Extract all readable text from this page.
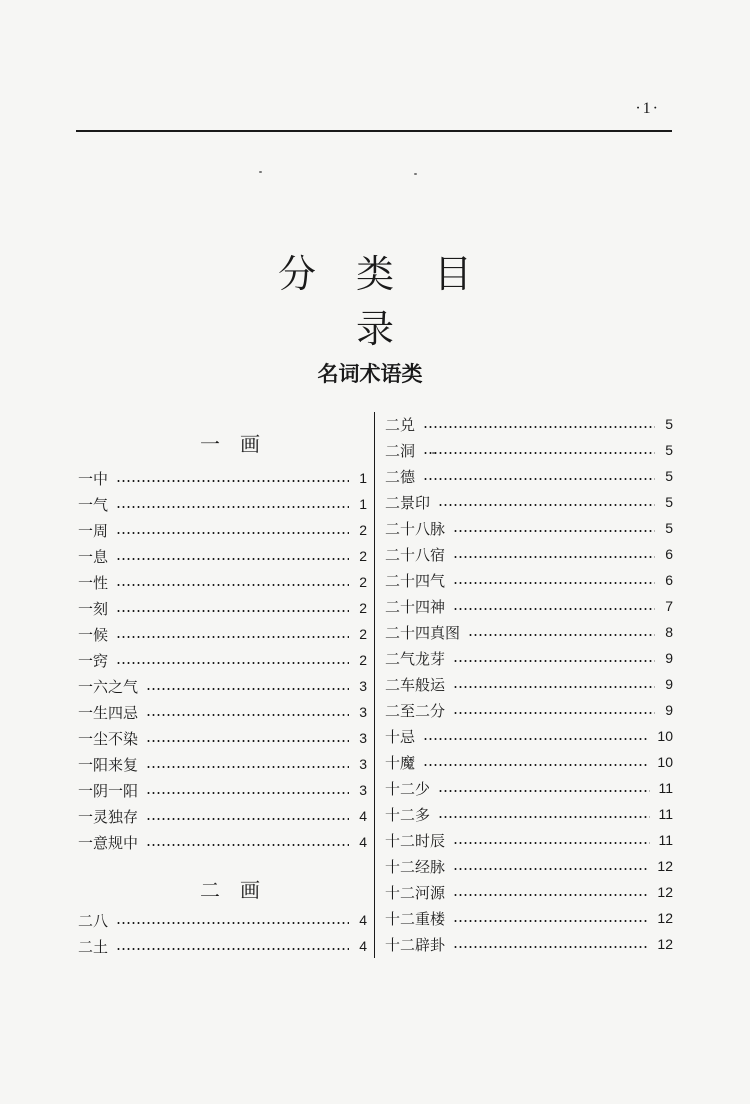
·1·
分类目录
名词术语类
一画
二画
一中	1
一气	1
一周	2
一息	2
一性	2
一刻	2
一候	2
一窍	2
一六之气	3
一生四忌	3
一尘不染	3
一阳来复	3
一阴一阳	3
一灵独存	4
一意规中	4
二八	4
二土	4
二兑	5
二洞	5
二德	5
二景印	5
二十八脉	5
二十八宿	6
二十四气	6
二十四神	7
二十四真图	8
二气龙芽	9
二车般运	9
二至二分	9
十忌	10
十魔	10
十二少	11
十二多	11
十二时辰	11
十二经脉	12
十二河源	12
十二重楼	12
十二辟卦	12
